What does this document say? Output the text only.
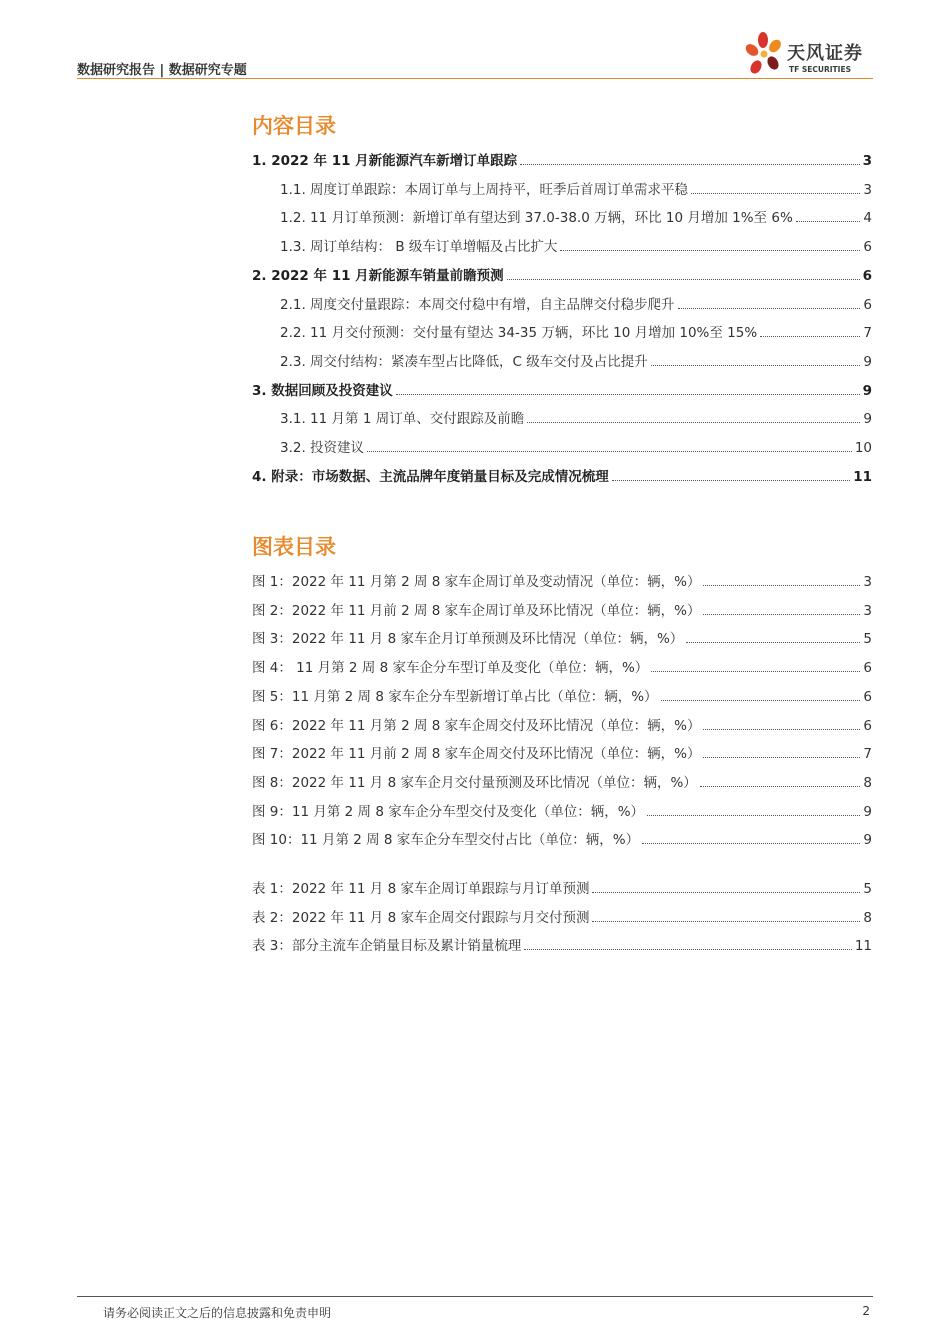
数据研究报告 | 数据研究专题
天风证券
TF SECURITIES
内容目录
1. 2022 年 11 月新能源汽车新增订单跟踪	3
1.1. 周度订单跟踪：本周订单与上周持平，旺季后首周订单需求平稳	3
1.2. 11 月订单预测：新增订单有望达到 37.0-38.0 万辆，环比 10 月增加 1%至 6%	4
1.3. 周订单结构： B 级车订单增幅及占比扩大	6
2. 2022 年 11 月新能源车销量前瞻预测	6
2.1. 周度交付量跟踪：本周交付稳中有增，自主品牌交付稳步爬升	6
2.2. 11 月交付预测：交付量有望达 34-35 万辆，环比 10 月增加 10%至 15%	7
2.3. 周交付结构：紧凑车型占比降低，C 级车交付及占比提升	9
3. 数据回顾及投资建议	9
3.1. 11 月第 1 周订单、交付跟踪及前瞻	9
3.2. 投资建议	10
4. 附录：市场数据、主流品牌年度销量目标及完成情况梳理	11
图表目录
图 1：2022 年 11 月第 2 周 8 家车企周订单及变动情况（单位：辆，%）	3
图 2：2022 年 11 月前 2 周 8 家车企周订单及环比情况（单位：辆，%）	3
图 3：2022 年 11 月 8 家车企月订单预测及环比情况（单位：辆，%）	5
图 4： 11 月第 2 周 8 家车企分车型订单及变化（单位：辆，%）	6
图 5：11 月第 2 周 8 家车企分车型新增订单占比（单位：辆，%）	6
图 6：2022 年 11 月第 2 周 8 家车企周交付及环比情况（单位：辆，%）	6
图 7：2022 年 11 月前 2 周 8 家车企周交付及环比情况（单位：辆，%）	7
图 8：2022 年 11 月 8 家车企月交付量预测及环比情况（单位：辆，%）	8
图 9：11 月第 2 周 8 家车企分车型交付及变化（单位：辆，%）	9
图 10：11 月第 2 周 8 家车企分车型交付占比（单位：辆，%）	9
表 1：2022 年 11 月 8 家车企周订单跟踪与月订单预测	5
表 2：2022 年 11 月 8 家车企周交付跟踪与月交付预测	8
表 3：部分主流车企销量目标及累计销量梳理	11
请务必阅读正文之后的信息披露和免责申明	2
